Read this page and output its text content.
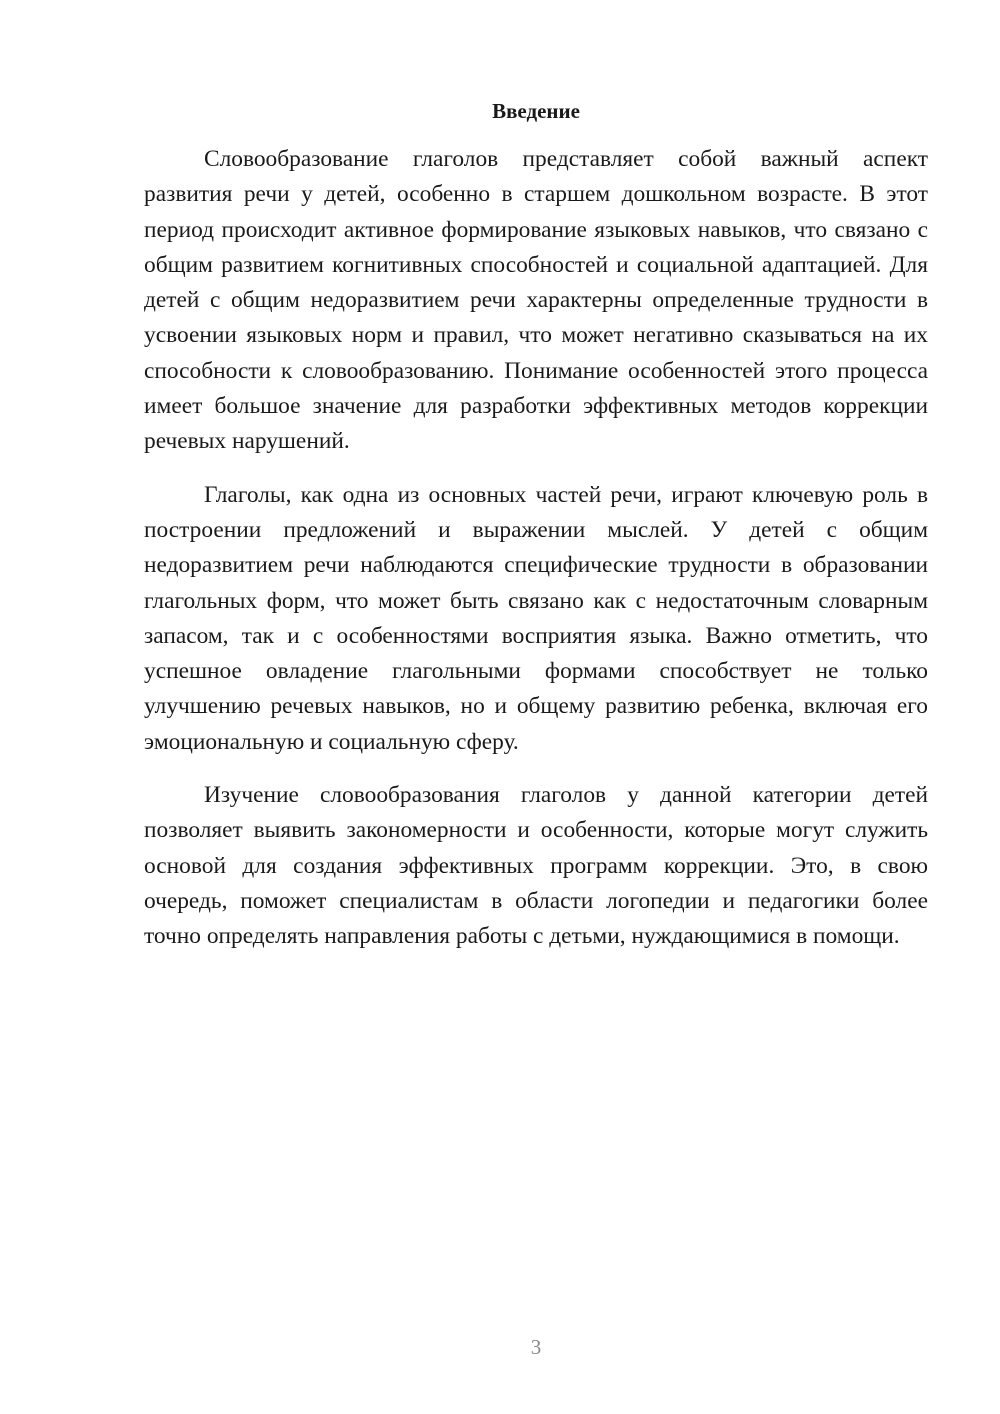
Введение

Словообразование глаголов представляет собой важный аспект развития речи у детей, особенно в старшем дошкольном возрасте. В этот период происходит активное формирование языковых навыков, что связано с общим развитием когнитивных способностей и социальной адаптацией. Для детей с общим недоразвитием речи характерны определенные трудности в усвоении языковых норм и правил, что может негативно сказываться на их способности к словообразованию. Понимание особенностей этого процесса имеет большое значение для разработки эффективных методов коррекции речевых нарушений.

Глаголы, как одна из основных частей речи, играют ключевую роль в построении предложений и выражении мыслей. У детей с общим недоразвитием речи наблюдаются специфические трудности в образовании глагольных форм, что может быть связано как с недостаточным словарным запасом, так и с особенностями восприятия языка. Важно отметить, что успешное овладение глагольными формами способствует не только улучшению речевых навыков, но и общему развитию ребенка, включая его эмоциональную и социальную сферу.

Изучение словообразования глаголов у данной категории детей позволяет выявить закономерности и особенности, которые могут служить основой для создания эффективных программ коррекции. Это, в свою очередь, поможет специалистам в области логопедии и педагогики более точно определять направления работы с детьми, нуждающимися в помощи.

3
